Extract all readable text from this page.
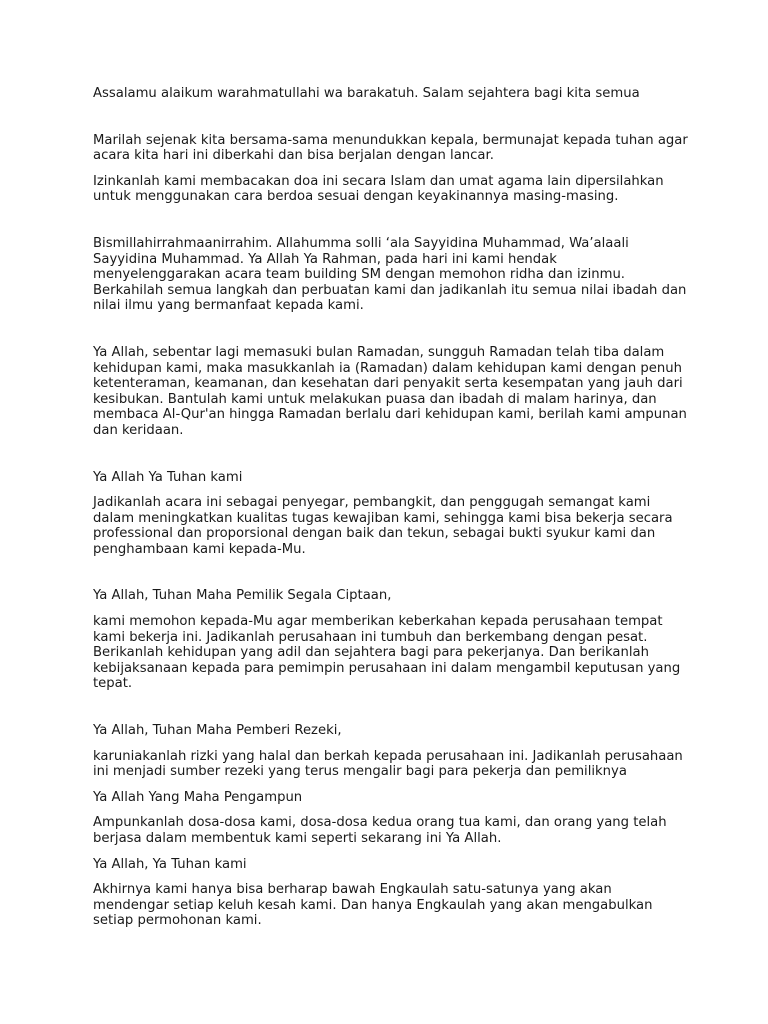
Assalamu alaikum warahmatullahi wa barakatuh. Salam sejahtera bagi kita semua

Marilah sejenak kita bersama-sama menundukkan kepala, bermunajat kepada tuhan agar acara kita hari ini diberkahi dan bisa berjalan dengan lancar.

Izinkanlah kami membacakan doa ini secara Islam dan umat agama lain dipersilahkan untuk menggunakan cara berdoa sesuai dengan keyakinannya masing-masing.

Bismillahirrahmaanirrahim. Allahumma solli ‘ala Sayyidina Muhammad, Wa’alaali Sayyidina Muhammad. Ya Allah Ya Rahman, pada hari ini kami hendak menyelenggarakan acara team building SM dengan memohon ridha dan izinmu. Berkahilah semua langkah dan perbuatan kami dan jadikanlah itu semua nilai ibadah dan nilai ilmu yang bermanfaat kepada kami.

Ya Allah, sebentar lagi memasuki bulan Ramadan, sungguh Ramadan telah tiba dalam kehidupan kami, maka masukkanlah ia (Ramadan) dalam kehidupan kami dengan penuh ketenteraman, keamanan, dan kesehatan dari penyakit serta kesempatan yang jauh dari kesibukan. Bantulah kami untuk melakukan puasa dan ibadah di malam harinya, dan membaca Al-Qur'an hingga Ramadan berlalu dari kehidupan kami, berilah kami ampunan dan keridaan.

Ya Allah Ya Tuhan kami

Jadikanlah acara ini sebagai penyegar, pembangkit, dan penggugah semangat kami dalam meningkatkan kualitas tugas kewajiban kami, sehingga kami bisa bekerja secara professional dan proporsional dengan baik dan tekun, sebagai bukti syukur kami dan penghambaan kami kepada-Mu.

Ya Allah, Tuhan Maha Pemilik Segala Ciptaan,

kami memohon kepada-Mu agar memberikan keberkahan kepada perusahaan tempat kami bekerja ini. Jadikanlah perusahaan ini tumbuh dan berkembang dengan pesat. Berikanlah kehidupan yang adil dan sejahtera bagi para pekerjanya. Dan berikanlah kebijaksanaan kepada para pemimpin perusahaan ini dalam mengambil keputusan yang tepat.

Ya Allah, Tuhan Maha Pemberi Rezeki,

karuniakanlah rizki yang halal dan berkah kepada perusahaan ini. Jadikanlah perusahaan ini menjadi sumber rezeki yang terus mengalir bagi para pekerja dan pemiliknya

Ya Allah Yang Maha Pengampun

Ampunkanlah dosa-dosa kami, dosa-dosa kedua orang tua kami, dan orang yang telah berjasa dalam membentuk kami seperti sekarang ini Ya Allah.

Ya Allah, Ya Tuhan kami

Akhirnya kami hanya bisa berharap bawah Engkaulah satu-satunya yang akan mendengar setiap keluh kesah kami. Dan hanya Engkaulah yang akan mengabulkan setiap permohonan kami.
